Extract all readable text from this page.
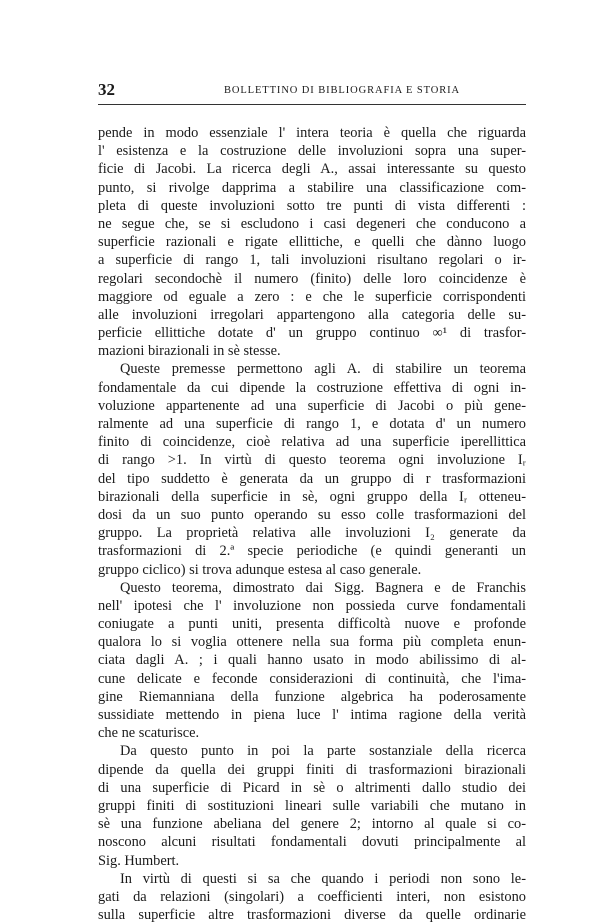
32	BOLLETTINO DI BIBLIOGRAFIA E STORIA
pende in modo essenziale l' intera teoria è quella che riguarda
l' esistenza e la costruzione delle involuzioni sopra una super-
ficie di Jacobi. La ricerca degli A., assai interessante su questo
punto, si rivolge dapprima a stabilire una classificazione com-
pleta di queste involuzioni sotto tre punti di vista differenti :
ne segue che, se si escludono i casi degeneri che conducono a
superficie razionali e rigate ellittiche, e quelli che dànno luogo
a superficie di rango 1, tali involuzioni risultano regolari o ir-
regolari secondochè il numero (finito) delle loro coincidenze è
maggiore od eguale a zero : e che le superficie corrispondenti
alle involuzioni irregolari appartengono alla categoria delle su-
perficie ellittiche dotate d' un gruppo continuo ∞¹ di trasfor-
mazioni birazionali in sè stesse.
Queste premesse permettono agli A. di stabilire un teorema
fondamentale da cui dipende la costruzione effettiva di ogni in-
voluzione appartenente ad una superficie di Jacobi o più gene-
ralmente ad una superficie di rango 1, e dotata d' un numero
finito di coincidenze, cioè relativa ad una superficie iperellittica
di rango >1. In virtù di questo teorema ogni involuzione Iᵣ
del tipo suddetto è generata da un gruppo di r trasformazioni
birazionali della superficie in sè, ogni gruppo della Iᵣ otteneu-
dosi da un suo punto operando su esso colle trasformazioni del
gruppo. La proprietà relativa alle involuzioni I₂ generate da
trasformazioni di 2.ª specie periodiche (e quindi generanti un
gruppo ciclico) si trova adunque estesa al caso generale.
Questo teorema, dimostrato dai Sigg. Bagnera e de Franchis
nell' ipotesi che l' involuzione non possieda curve fondamentali
coniugate a punti uniti, presenta difficoltà nuove e profonde
qualora lo si voglia ottenere nella sua forma più completa enun-
ciata dagli A. ; i quali hanno usato in modo abilissimo di al-
cune delicate e feconde considerazioni di continuità, che l'ima-
gine Riemanniana della funzione algebrica ha poderosamente
sussidiate mettendo in piena luce l' intima ragione della verità
che ne scaturisce.
Da questo punto in poi la parte sostanziale della ricerca
dipende da quella dei gruppi finiti di trasformazioni birazionali
di una superficie di Picard in sè o altrimenti dallo studio dei
gruppi finiti di sostituzioni lineari sulle variabili che mutano in
sè una funzione abeliana del genere 2; intorno al quale si co-
noscono alcuni risultati fondamentali dovuti principalmente al
Sig. Humbert.
In virtù di questi si sa che quando i periodi non sono le-
gati da relazioni (singolari) a coefficienti interi, non esistono
sulla superficie altre trasformazioni diverse da quelle ordinarie
